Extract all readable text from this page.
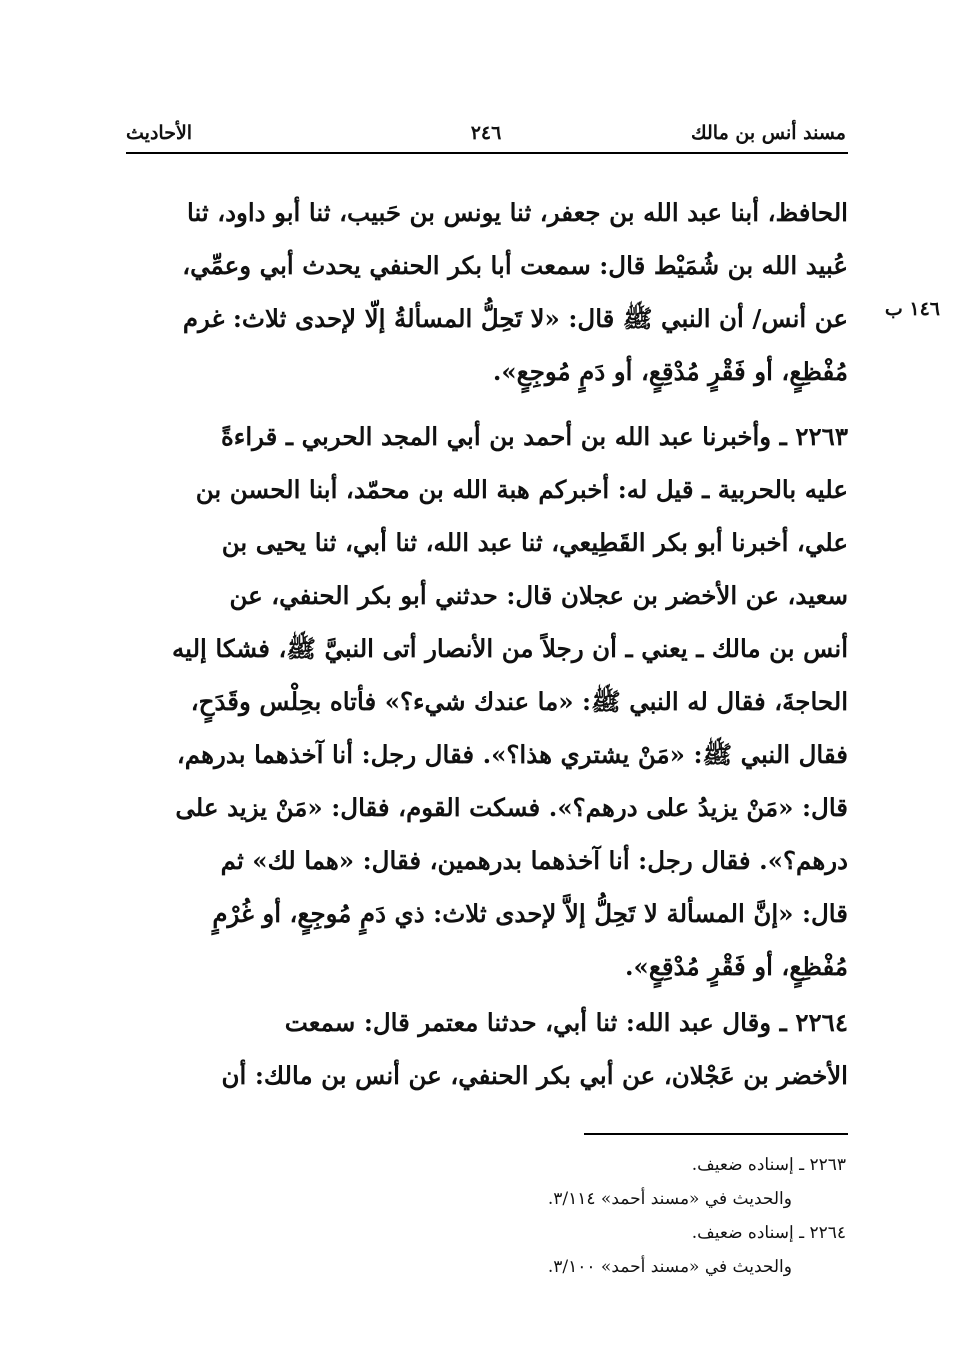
مسند أنس بن مالك
٢٤٦
الأحاديث
١٤٦ ب
الحافظ، أبنا عبد الله بن جعفر، ثنا يونس بن حَبيب، ثنا أبو داود، ثنا
عُبيد الله بن شُمَيْط قال: سمعت أبا بكر الحنفي يحدث أبي وعمِّي،
عن أنس/ أن النبي ﷺ قال: «لا تَحِلُّ المسألةُ إلّا لإحدى ثلاث: غرم
مُفْظِعٍ، أو فَقْرٍ مُدْقِعٍ، أو دَمٍ مُوجِعٍ».
٢٢٦٣ ـ وأخبرنا عبد الله بن أحمد بن أبي المجد الحربي ـ قراءةً
عليه بالحربية ـ قيل له: أخبركم هبة الله بن محمّد، أبنا الحسن بن
علي، أخبرنا أبو بكر القَطِيعي، ثنا عبد الله، ثنا أبي، ثنا يحيى بن
سعيد، عن الأخضر بن عجلان قال: حدثني أبو بكر الحنفي، عن
أنس بن مالك ـ يعني ـ أن رجلاً من الأنصار أتى النبيَّ ﷺ، فشكا إليه
الحاجةَ، فقال له النبي ﷺ: «ما عندك شيء؟» فأتاه بحِلْس وقَدَحٍ،
فقال النبي ﷺ: «مَنْ يشتري هذا؟». فقال رجل: أنا آخذهما بدرهم،
قال: «مَنْ يزيدُ على درهم؟». فسكت القوم، فقال: «مَنْ يزيد على
درهم؟». فقال رجل: أنا آخذهما بدرهمين، فقال: «هما لك» ثم
قال: «إنَّ المسألة لا تَحِلُّ إلاَّ لإحدى ثلاث: ذي دَمٍ مُوجِعٍ، أو غُرْمٍ
مُفْظِعٍ، أو فَقْرٍ مُدْقِعٍ».
٢٢٦٤ ـ وقال عبد الله: ثنا أبي، حدثنا معتمر قال: سمعت
الأخضر بن عَجْلان، عن أبي بكر الحنفي، عن أنس بن مالك: أن
٢٢٦٣ ـ إسناده ضعيف.
والحديث في «مسند أحمد» ٣/١١٤.
٢٢٦٤ ـ إسناده ضعيف.
والحديث في «مسند أحمد» ٣/١٠٠.
